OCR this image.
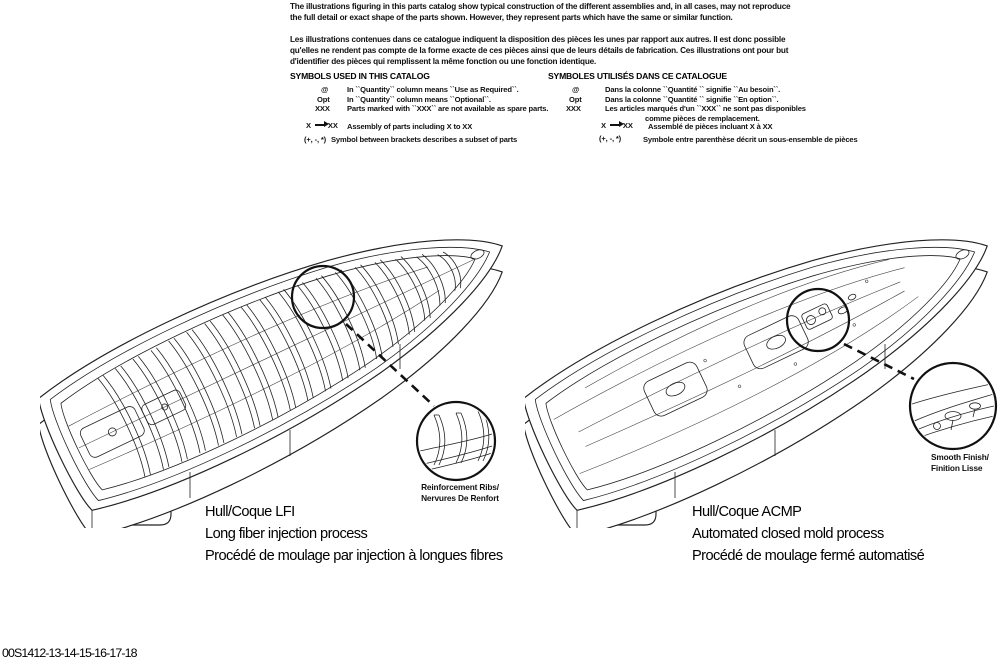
The illustrations figuring in this parts catalog show typical construction of the different assemblies and, in all cases, may not reproduce
the full detail or exact shape of the parts shown. However, they represent parts which have the same or similar function.
Les illustrations contenues dans ce catalogue indiquent la disposition des pièces les unes par rapport aux autres. Il est donc possible
qu'elles ne rendent pas compte de la forme exacte de ces pièces ainsi que de leurs détails de fabrication. Ces illustrations ont pour but
d'identifier des pièces qui remplissent la même fonction ou une fonction identique.
SYMBOLS USED IN THIS CATALOG
@ In ``Quantity`` column means ``Use as Required``.
Opt In ``Quantity`` column means ``Optional``.
XXX Parts marked with ``XXX`` are not available as spare parts.
X XX Assembly of parts including X to XX
(+, -, *) Symbol between brackets describes a subset of parts
SYMBOLES UTILISÉS DANS CE CATALOGUE
@	Dans la colonne ``Quantité `` signifie ``Au besoin``.
Opt	Dans la colonne ``Quantité `` signifie ``En option``.
XXX	Les articles marqués d'un ``XXX`` ne sont pas disponibles
comme pièces de remplacement.
X XX Assemblé de pièces incluant X à XX
(+, -, *)	Symbole entre parenthèse décrit un sous-ensemble de pièces
Reinforcement Ribs/
Nervures De Renfort
Smooth Finish/
Finition Lisse
Hull/Coque LFI
Long fiber injection process
Procédé de moulage par injection à longues fibres
Hull/Coque ACMP
Automated closed mold process
Procédé de moulage fermé automatisé
00S1412-13-14-15-16-17-18
